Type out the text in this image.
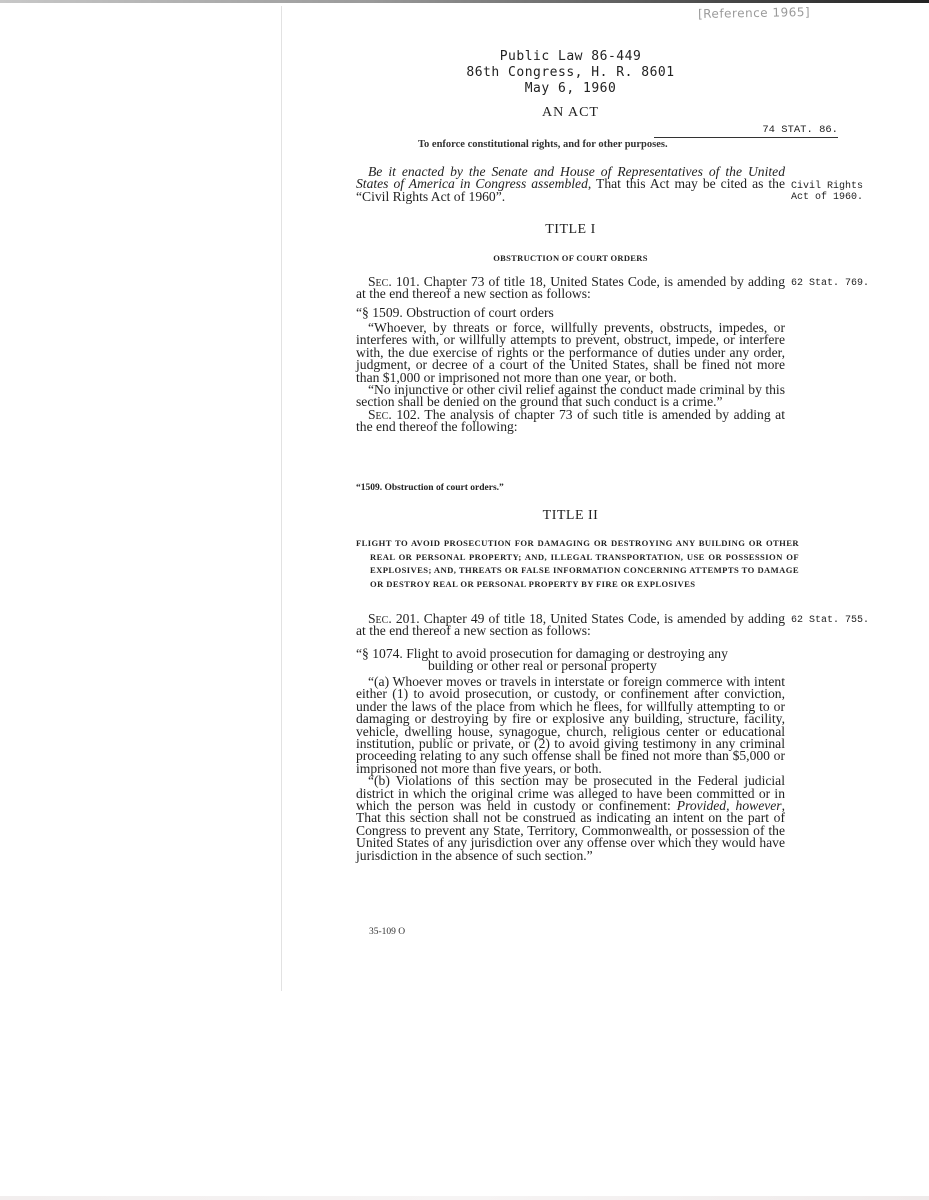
[Reference 1965]
Public Law 86-449
86th Congress, H. R. 8601
May 6, 1960
AN ACT
74 STAT. 86.
To enforce constitutional rights, and for other purposes.

Be it enacted by the Senate and House of Representatives of the United States of America in Congress assembled, That this Act may be cited as the “Civil Rights Act of 1960”.

Civil Rights
Act of 1960.
TITLE I
OBSTRUCTION OF COURT ORDERS

Sec. 101. Chapter 73 of title 18, United States Code, is amended by adding at the end thereof a new section as follows:

62 Stat. 769.
“§ 1509. Obstruction of court orders

“Whoever, by threats or force, willfully prevents, obstructs, impedes, or interferes with, or willfully attempts to prevent, obstruct, impede, or interfere with, the due exercise of rights or the performance of duties under any order, judgment, or decree of a court of the United States, shall be fined not more than $1,000 or imprisoned not more than one year, or both.

“No injunctive or other civil relief against the conduct made criminal by this section shall be denied on the ground that such conduct is a crime.”

Sec. 102. The analysis of chapter 73 of such title is amended by adding at the end thereof the following:

“1509. Obstruction of court orders.”
TITLE II
FLIGHT TO AVOID PROSECUTION FOR DAMAGING OR DESTROYING ANY BUILDING OR OTHER REAL OR PERSONAL PROPERTY; AND, ILLEGAL TRANSPORTATION, USE OR POSSESSION OF EXPLOSIVES; AND, THREATS OR FALSE INFORMATION CONCERNING ATTEMPTS TO DAMAGE OR DESTROY REAL OR PERSONAL PROPERTY BY FIRE OR EXPLOSIVES

Sec. 201. Chapter 49 of title 18, United States Code, is amended by adding at the end thereof a new section as follows:

62 Stat. 755.
“§ 1074. Flight to avoid prosecution for damaging or destroying any
building or other real or personal property

“(a) Whoever moves or travels in interstate or foreign commerce with intent either (1) to avoid prosecution, or custody, or confinement after conviction, under the laws of the place from which he flees, for willfully attempting to or damaging or destroying by fire or explosive any building, structure, facility, vehicle, dwelling house, synagogue, church, religious center or educational institution, public or private, or (2) to avoid giving testimony in any criminal proceeding relating to any such offense shall be fined not more than $5,000 or imprisoned not more than five years, or both.

“(b) Violations of this section may be prosecuted in the Federal judicial district in which the original crime was alleged to have been committed or in which the person was held in custody or confinement: Provided, however, That this section shall not be construed as indicating an intent on the part of Congress to prevent any State, Territory, Commonwealth, or possession of the United States of any jurisdiction over any offense over which they would have jurisdiction in the absence of such section.”

35-109 O
